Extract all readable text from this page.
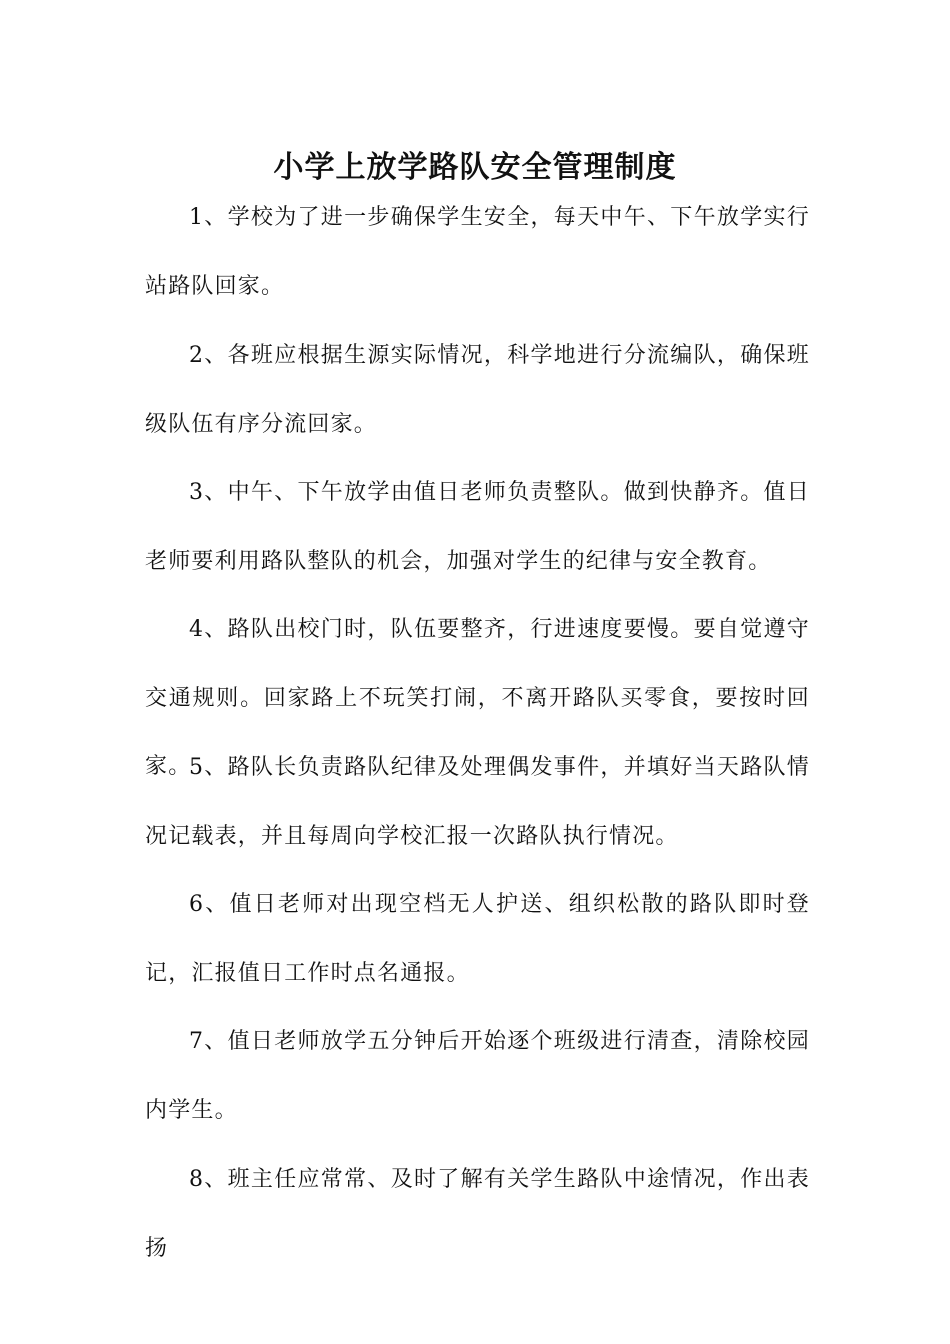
小学上放学路队安全管理制度

1、学校为了进一步确保学生安全，每天中午、下午放学实行站路队回家。

2、各班应根据生源实际情况，科学地进行分流编队，确保班级队伍有序分流回家。

3、中午、下午放学由值日老师负责整队。做到快静齐。值日老师要利用路队整队的机会，加强对学生的纪律与安全教育。

4、路队出校门时，队伍要整齐，行进速度要慢。要自觉遵守交通规则。回家路上不玩笑打闹，不离开路队买零食，要按时回家。

5、路队长负责路队纪律及处理偶发事件，并填好当天路队情况记载表，并且每周向学校汇报一次路队执行情况。

6、值日老师对出现空档无人护送、组织松散的路队即时登记，汇报值日工作时点名通报。

7、值日老师放学五分钟后开始逐个班级进行清查，清除校园内学生。

8、班主任应常常、及时了解有关学生路队中途情况，作出表扬
